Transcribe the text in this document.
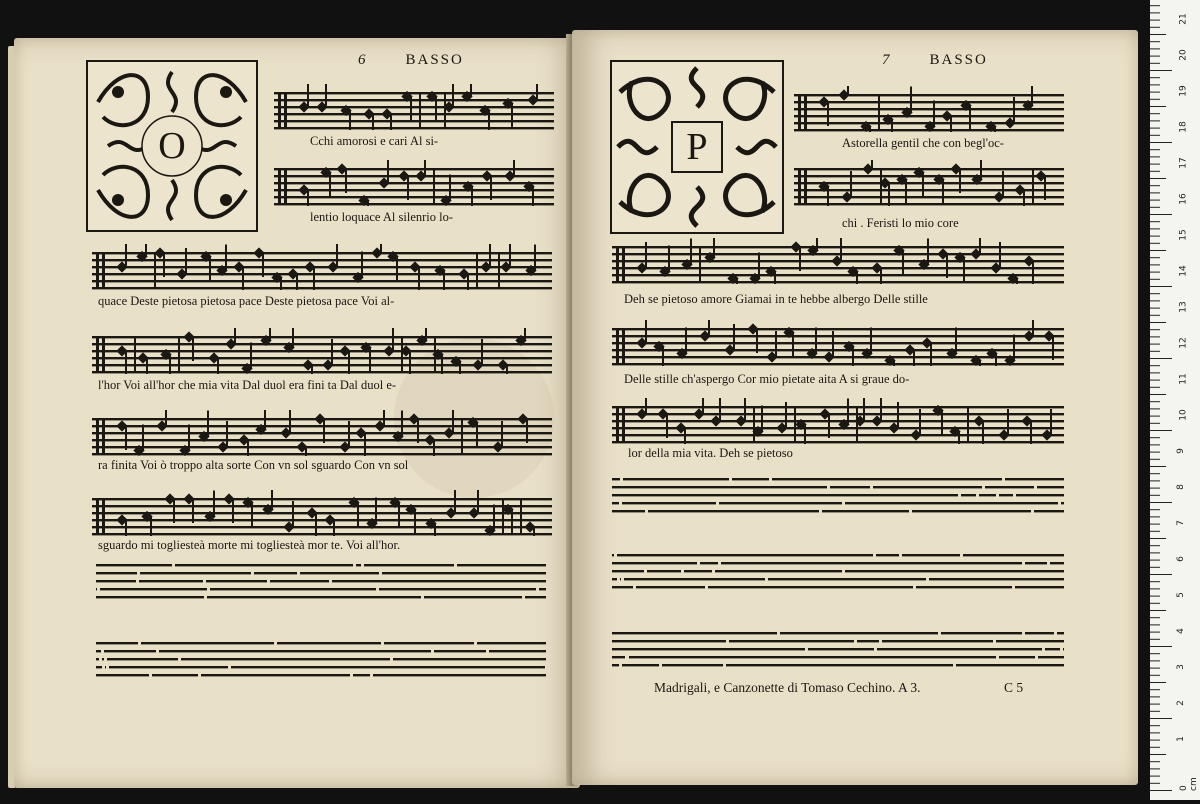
6	BASSO
O	Cchi amorosi e cari Al si-
lentio loquace Al silenrio lo-
quace Deste pietosa pietosa pace Deste pietosa pace Voi al-
l'hor Voi all'hor che mia vita Dal duol era fini ta Dal duol e-
ra finita Voi ò troppo alta sorte Con vn sol sguardo Con vn sol
sguardo mi togliesteà morte mi togliesteà mor te. Voi all'hor.
7	BASSO
P	Astorella gentil che con begl'oc-
chi . Feristi lo mio core
Deh se pietoso amore Giamai in te hebbe albergo Delle stille
Delle stille ch'aspergo Cor mio pietate aita A si graue do-
lor della mia vita. Deh se pietoso
Madrigali, e Canzonette di Tomaso Cechino. A 3.	C 5
0 cm
1
2
3
4
5
6
7
8
9
10
11
12
13
14
15
16
17
18
19
20
21
